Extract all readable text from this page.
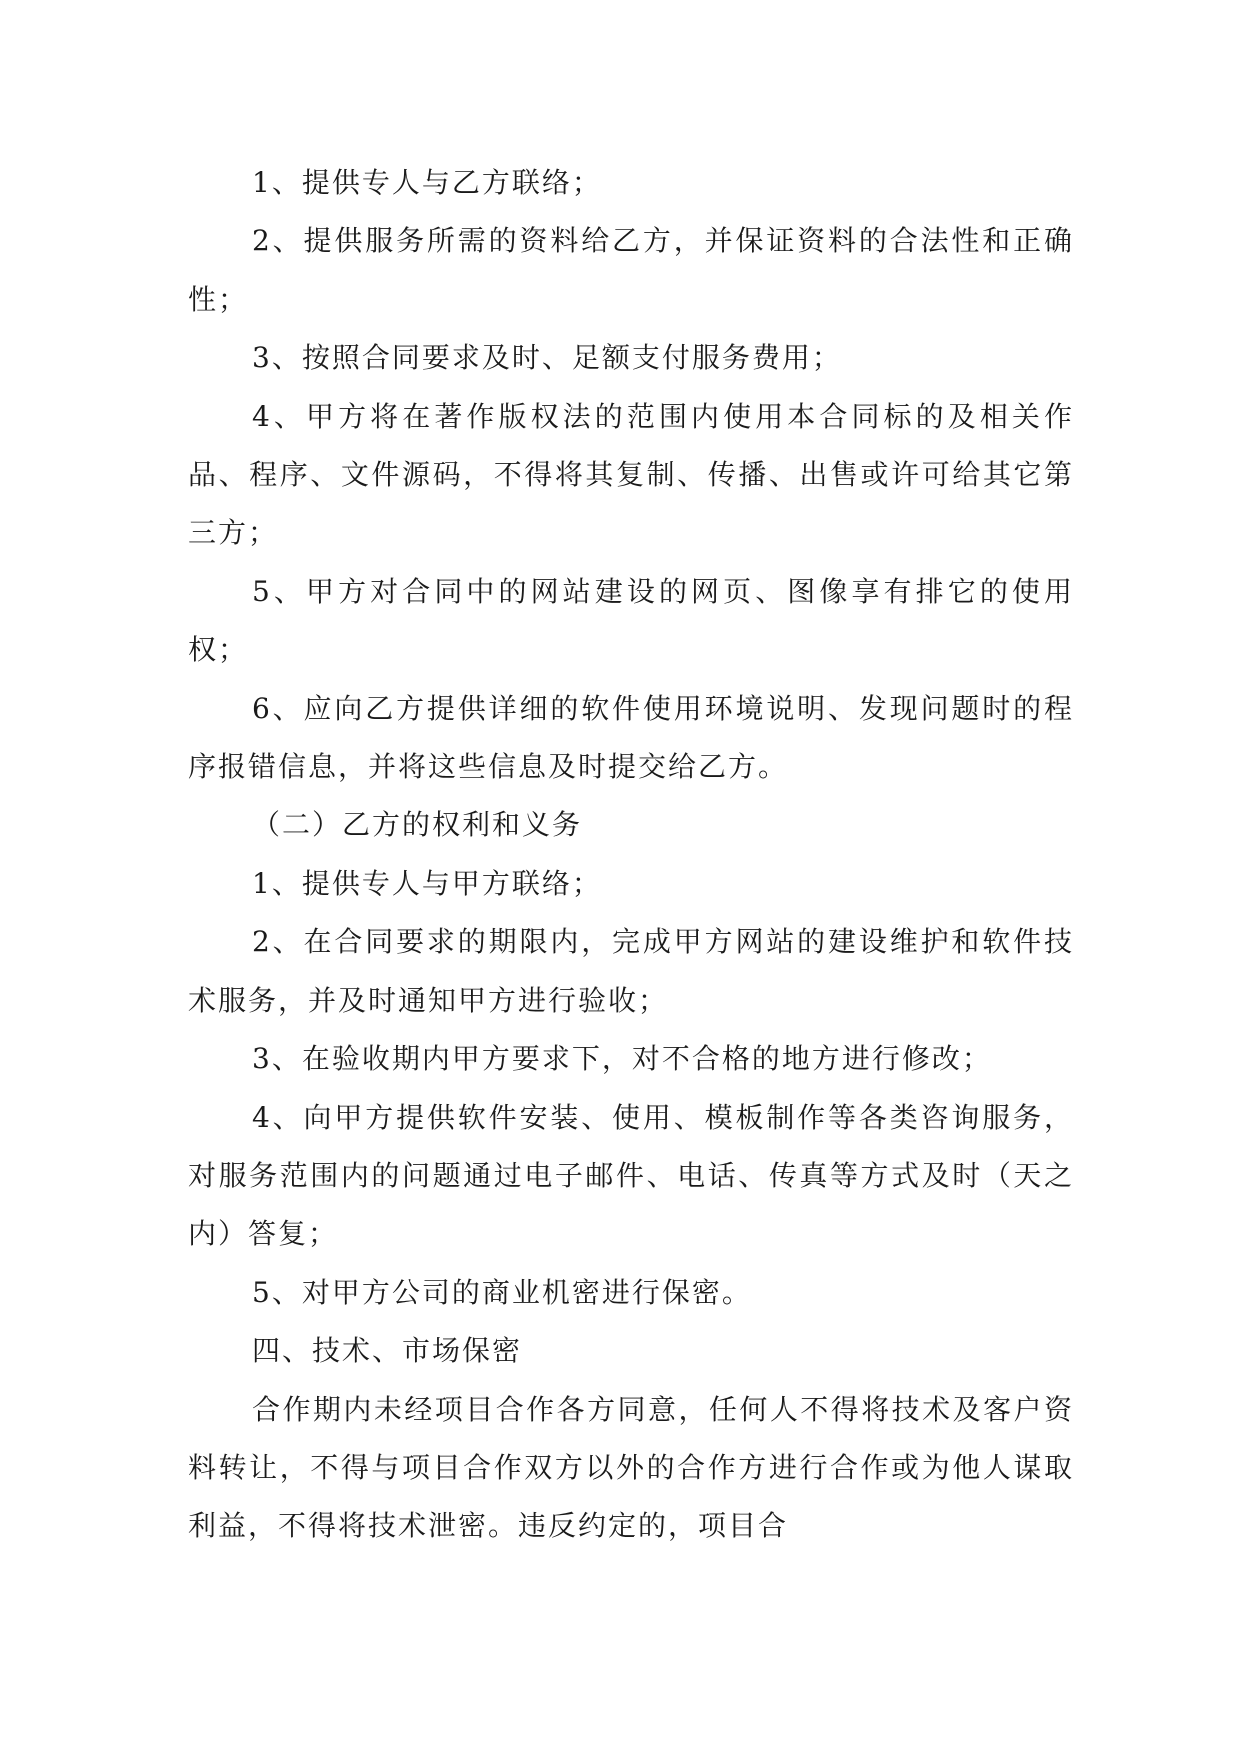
1、提供专人与乙方联络；

2、提供服务所需的资料给乙方，并保证资料的合法性和正确性；

3、按照合同要求及时、足额支付服务费用；

4、甲方将在著作版权法的范围内使用本合同标的及相关作品、程序、文件源码，不得将其复制、传播、出售或许可给其它第三方；

5、甲方对合同中的网站建设的网页、图像享有排它的使用权；

6、应向乙方提供详细的软件使用环境说明、发现问题时的程序报错信息，并将这些信息及时提交给乙方。

（二）乙方的权利和义务

1、提供专人与甲方联络；

2、在合同要求的期限内，完成甲方网站的建设维护和软件技术服务，并及时通知甲方进行验收；

3、在验收期内甲方要求下，对不合格的地方进行修改；

4、向甲方提供软件安装、使用、模板制作等各类咨询服务，对服务范围内的问题通过电子邮件、电话、传真等方式及时（天之内）答复；

5、对甲方公司的商业机密进行保密。

四、技术、市场保密

合作期内未经项目合作各方同意，任何人不得将技术及客户资料转让，不得与项目合作双方以外的合作方进行合作或为他人谋取利益，不得将技术泄密。违反约定的，项目合
